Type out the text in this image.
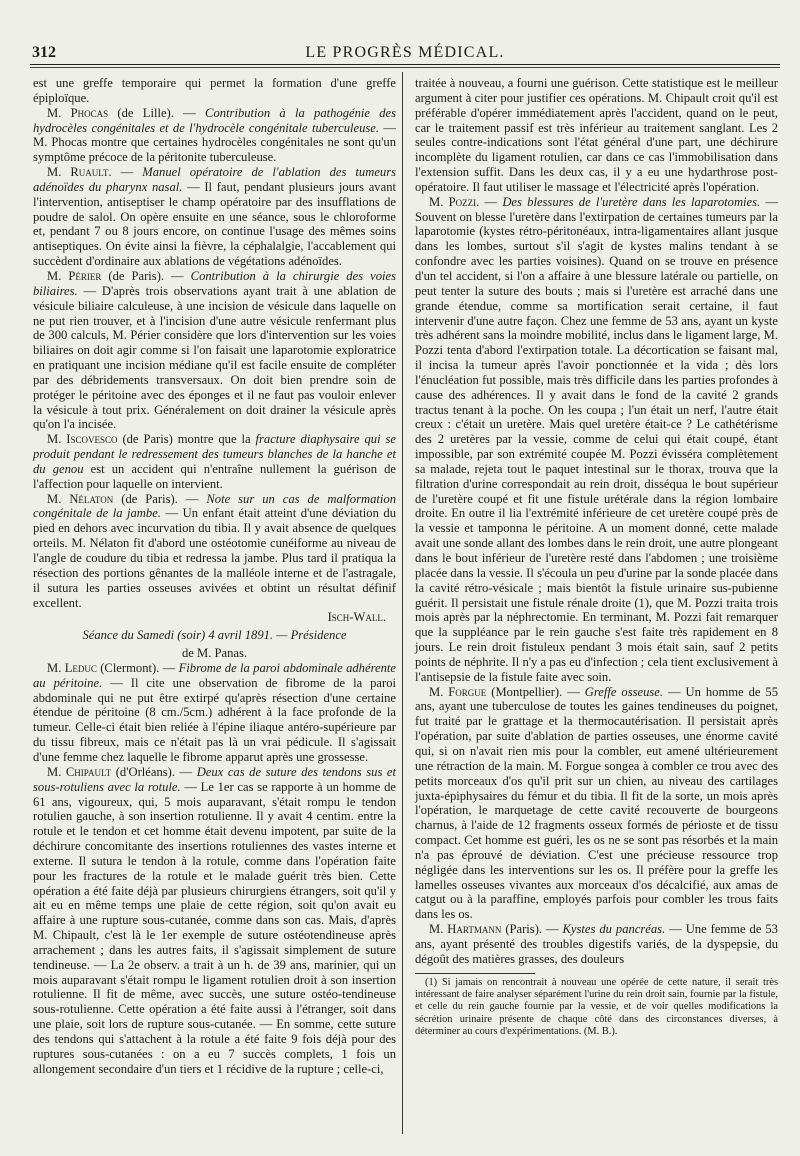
312	LE PROGRÈS MÉDICAL.

est une greffe temporaire qui permet la formation d'une greffe épiploïque.

M. Phocas (de Lille). — Contribution à la pathogénie des hydrocèles congénitales et de l'hydrocèle congénitale tuberculeuse. — M. Phocas montre que certaines hydrocèles congénitales ne sont qu'un symptôme précoce de la péritonite tuberculeuse.

M. Ruault. — Manuel opératoire de l'ablation des tumeurs adénoïdes du pharynx nasal. — Il faut, pendant plusieurs jours avant l'intervention, antiseptiser le champ opératoire par des insufflations de poudre de salol. On opère ensuite en une séance, sous le chloroforme et, pendant 7 ou 8 jours encore, on continue l'usage des mêmes soins antiseptiques. On évite ainsi la fièvre, la céphalalgie, l'accablement qui succèdent d'ordinaire aux ablations de végétations adénoïdes.

M. Périer (de Paris). — Contribution à la chirurgie des voies biliaires. — D'après trois observations ayant trait à une ablation de vésicule biliaire calculeuse, à une incision de vésicule dans laquelle on ne put rien trouver, et à l'incision d'une autre vésicule renfermant plus de 300 calculs, M. Périer considère que lors d'intervention sur les voies biliaires on doit agir comme si l'on faisait une laparotomie exploratrice en pratiquant une incision médiane qu'il est facile ensuite de compléter par des débridements transversaux. On doit bien prendre soin de protéger le péritoine avec des éponges et il ne faut pas vouloir enlever la vésicule à tout prix. Généralement on doit drainer la vésicule après qu'on l'a incisée.

M. Iscovesco (de Paris) montre que la fracture diaphysaire qui se produit pendant le redressement des tumeurs blanches de la hanche et du genou est un accident qui n'entraîne nullement la guérison de l'affection pour laquelle on intervient.

M. Nélaton (de Paris). — Note sur un cas de malformation congénitale de la jambe. — Un enfant était atteint d'une déviation du pied en dehors avec incurvation du tibia. Il y avait absence de quelques orteils. M. Nélaton fit d'abord une ostéotomie cunéiforme au niveau de l'angle de coudure du tibia et redressa la jambe. Plus tard il pratiqua la résection des portions gênantes de la malléole interne et de l'astragale, il sutura les parties osseuses avivées et obtint un résultat définif excellent.

Isch-Wall.

Séance du Samedi (soir) 4 avril 1891. — Présidence

de M. Panas.

M. Leduc (Clermont). — Fibrome de la paroi abdominale adhérente au péritoine. — Il cite une observation de fibrome de la paroi abdominale qui ne put être extirpé qu'après résection d'une certaine étendue de péritoine (8 cm./5cm.) adhérent à la face profonde de la tumeur. Celle-ci était bien reliée à l'épine iliaque antéro-supérieure par du tissu fibreux, mais ce n'était pas là un vrai pédicule. Il s'agissait d'une femme chez laquelle le fibrome apparut après une grossesse.

M. Chipault (d'Orléans). — Deux cas de suture des tendons sus et sous-rotuliens avec la rotule. — Le 1er cas se rapporte à un homme de 61 ans, vigoureux, qui, 5 mois auparavant, s'était rompu le tendon rotulien gauche, à son insertion rotulienne. Il y avait 4 centim. entre la rotule et le tendon et cet homme était devenu impotent, par suite de la déchirure concomitante des insertions rotuliennes des vastes interne et externe. Il sutura le tendon à la rotule, comme dans l'opération faite pour les fractures de la rotule et le malade guérit très bien. Cette opération a été faite déjà par plusieurs chirurgiens étrangers, soit qu'il y ait eu en même temps une plaie de cette région, soit qu'on avait eu affaire à une rupture sous-cutanée, comme dans son cas. Mais, d'après M. Chipault, c'est là le 1er exemple de suture ostéotendineuse après arrachement ; dans les autres faits, il s'agissait simplement de suture tendineuse. — La 2e observ. a trait à un h. de 39 ans, marinier, qui un mois auparavant s'était rompu le ligament rotulien droit à son insertion rotulienne. Il fit de même, avec succès, une suture ostéo-tendineuse sous-rotulienne. Cette opération a été faite aussi à l'étranger, soit dans une plaie, soit lors de rupture sous-cutanée. — En somme, cette suture des tendons qui s'attachent à la rotule a été faite 9 fois déjà pour des ruptures sous-cutanées : on a eu 7 succès complets, 1 fois un allongement secondaire d'un tiers et 1 récidive de la rupture ; celle-ci,

traitée à nouveau, a fourni une guérison. Cette statistique est le meilleur argument à citer pour justifier ces opérations. M. Chipault croit qu'il est préférable d'opérer immédiatement après l'accident, quand on le peut, car le traitement passif est très inférieur au traitement sanglant. Les 2 seules contre-indications sont l'état général d'une part, une déchirure incomplète du ligament rotulien, car dans ce cas l'immobilisation dans l'extension suffit. Dans les deux cas, il y a eu une hydarthrose post-opératoire. Il faut utiliser le massage et l'électricité après l'opération.

M. Pozzi. — Des blessures de l'uretère dans les laparotomies. — Souvent on blesse l'uretère dans l'extirpation de certaines tumeurs par la laparotomie (kystes rétro-péritonéaux, intra-ligamentaires allant jusque dans les lombes, surtout s'il s'agit de kystes malins tendant à se confondre avec les parties voisines). Quand on se trouve en présence d'un tel accident, si l'on a affaire à une blessure latérale ou partielle, on peut tenter la suture des bouts ; mais si l'uretère est arraché dans une grande étendue, comme sa mortification serait certaine, il faut intervenir d'une autre façon. Chez une femme de 53 ans, ayant un kyste très adhérent sans la moindre mobilité, inclus dans le ligament large, M. Pozzi tenta d'abord l'extirpation totale. La décortication se faisant mal, il incisa la tumeur après l'avoir ponctionnée et la vida ; dès lors l'énucléation fut possible, mais très difficile dans les parties profondes à cause des adhérences. Il y avait dans le fond de la cavité 2 grands tractus tenant à la poche. On les coupa ; l'un était un nerf, l'autre était creux : c'était un uretère. Mais quel uretère était-ce ? Le cathétérisme des 2 uretères par la vessie, comme de celui qui était coupé, étant impossible, par son extrémité coupée M. Pozzi évisséra complètement sa malade, rejeta tout le paquet intestinal sur le thorax, trouva que la filtration d'urine correspondait au rein droit, disséqua le bout supérieur de l'uretère coupé et fit une fistule urétérale dans la région lombaire droite. En outre il lia l'extrémité inférieure de cet uretère coupé près de la vessie et tamponna le péritoine. A un moment donné, cette malade avait une sonde allant des lombes dans le rein droit, une autre plongeant dans le bout inférieur de l'uretère resté dans l'abdomen ; une troisième placée dans la vessie. Il s'écoula un peu d'urine par la sonde placée dans la cavité rétro-vésicale ; mais bientôt la fistule urinaire sus-pubienne guérit. Il persistait une fistule rénale droite (1), que M. Pozzi traita trois mois après par la néphrectomie. En terminant, M. Pozzi fait remarquer que la suppléance par le rein gauche s'est faite très rapidement en 8 jours. Le rein droit fistuleux pendant 3 mois était sain, sauf 2 petits points de néphrite. Il n'y a pas eu d'infection ; cela tient exclusivement à l'antisepsie de la fistule faite avec soin.

M. Forgue (Montpellier). — Greffe osseuse. — Un homme de 55 ans, ayant une tuberculose de toutes les gaines tendineuses du poignet, fut traité par le grattage et la thermocautérisation. Il persistait après l'opération, par suite d'ablation de parties osseuses, une énorme cavité qui, si on n'avait rien mis pour la combler, eut amené ultérieurement une rétraction de la main. M. Forgue songea à combler ce trou avec des petits morceaux d'os qu'il prit sur un chien, au niveau des cartilages juxta-épiphysaires du fémur et du tibia. Il fit de la sorte, un mois après l'opération, le marquetage de cette cavité recouverte de bourgeons charnus, à l'aide de 12 fragments osseux formés de périoste et de tissu compact. Cet homme est guéri, les os ne se sont pas résorbés et la main n'a pas éprouvé de déviation. C'est une précieuse ressource trop négligée dans les interventions sur les os. Il préfère pour la greffe les lamelles osseuses vivantes aux morceaux d'os décalcifié, aux amas de catgut ou à la paraffine, employés parfois pour combler les trous faits dans les os.

M. Hartmann (Paris). — Kystes du pancréas. — Une femme de 53 ans, ayant présenté des troubles digestifs variés, de la dyspepsie, du dégoût des matières grasses, des douleurs

(1) Si jamais on rencontrait à nouveau une opérée de cette nature, il serait très intéressant de faire analyser séparément l'urine du rein droit sain, fournie par la fistule, et celle du rein gauche fournie par la vessie, et de voir quelles modifications la sécrétion urinaire présente de chaque côté dans des circonstances diverses, à déterminer au cours d'expérimentations. (M. B.).
